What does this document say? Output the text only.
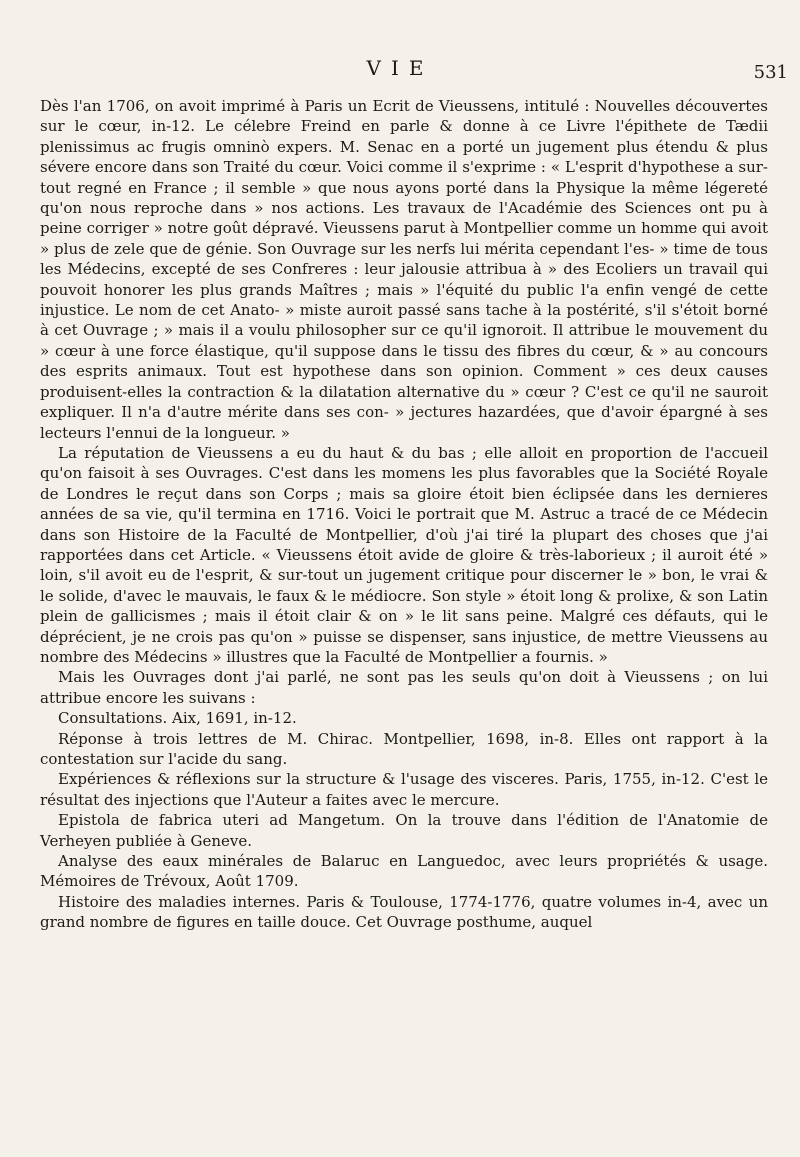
VIE	531

Dès l'an 1706, on avoit imprimé à Paris un Ecrit de Vieussens, intitulé : Nouvelles découvertes sur le cœur, in-12. Le célebre Freind en parle & donne à ce Livre l'épithete de Tædii plenissimus ac frugis omninò expers. M. Senac en a porté un jugement plus étendu & plus sévere encore dans son Traité du cœur. Voici comme il s'exprime : « L'esprit d'hypothese a sur-tout regné en France ; il semble » que nous ayons porté dans la Physique la même légereté qu'on nous reproche dans » nos actions. Les travaux de l'Académie des Sciences ont pu à peine corriger » notre goût dépravé. Vieussens parut à Montpellier comme un homme qui avoit » plus de zele que de génie. Son Ouvrage sur les nerfs lui mérita cependant l'es- » time de tous les Médecins, excepté de ses Confreres : leur jalousie attribua à » des Ecoliers un travail qui pouvoit honorer les plus grands Maîtres ; mais » l'équité du public l'a enfin vengé de cette injustice. Le nom de cet Anato- » miste auroit passé sans tache à la postérité, s'il s'étoit borné à cet Ouvrage ; » mais il a voulu philosopher sur ce qu'il ignoroit. Il attribue le mouvement du » cœur à une force élastique, qu'il suppose dans le tissu des fibres du cœur, & » au concours des esprits animaux. Tout est hypothese dans son opinion. Comment » ces deux causes produisent-elles la contraction & la dilatation alternative du » cœur ? C'est ce qu'il ne sauroit expliquer. Il n'a d'autre mérite dans ses con- » jectures hazardées, que d'avoir épargné à ses lecteurs l'ennui de la longueur. »

La réputation de Vieussens a eu du haut & du bas ; elle alloit en proportion de l'accueil qu'on faisoit à ses Ouvrages. C'est dans les momens les plus favorables que la Société Royale de Londres le reçut dans son Corps ; mais sa gloire étoit bien éclipsée dans les dernieres années de sa vie, qu'il termina en 1716. Voici le portrait que M. Astruc a tracé de ce Médecin dans son Histoire de la Faculté de Montpellier, d'où j'ai tiré la plupart des choses que j'ai rapportées dans cet Article. « Vieussens étoit avide de gloire & très-laborieux ; il auroit été » loin, s'il avoit eu de l'esprit, & sur-tout un jugement critique pour discerner le » bon, le vrai & le solide, d'avec le mauvais, le faux & le médiocre. Son style » étoit long & prolixe, & son Latin plein de gallicismes ; mais il étoit clair & on » le lit sans peine. Malgré ces défauts, qui le déprécient, je ne crois pas qu'on » puisse se dispenser, sans injustice, de mettre Vieussens au nombre des Médecins » illustres que la Faculté de Montpellier a fournis. »

Mais les Ouvrages dont j'ai parlé, ne sont pas les seuls qu'on doit à Vieussens ; on lui attribue encore les suivans :

Consultations. Aix, 1691, in-12.

Réponse à trois lettres de M. Chirac. Montpellier, 1698, in-8. Elles ont rapport à la contestation sur l'acide du sang.

Expériences & réflexions sur la structure & l'usage des visceres. Paris, 1755, in-12. C'est le résultat des injections que l'Auteur a faites avec le mercure.

Epistola de fabrica uteri ad Mangetum. On la trouve dans l'édition de l'Anatomie de Verheyen publiée à Geneve.

Analyse des eaux minérales de Balaruc en Languedoc, avec leurs propriétés & usage. Mémoires de Trévoux, Août 1709.

Histoire des maladies internes. Paris & Toulouse, 1774-1776, quatre volumes in-4, avec un grand nombre de figures en taille douce. Cet Ouvrage posthume, auquel
